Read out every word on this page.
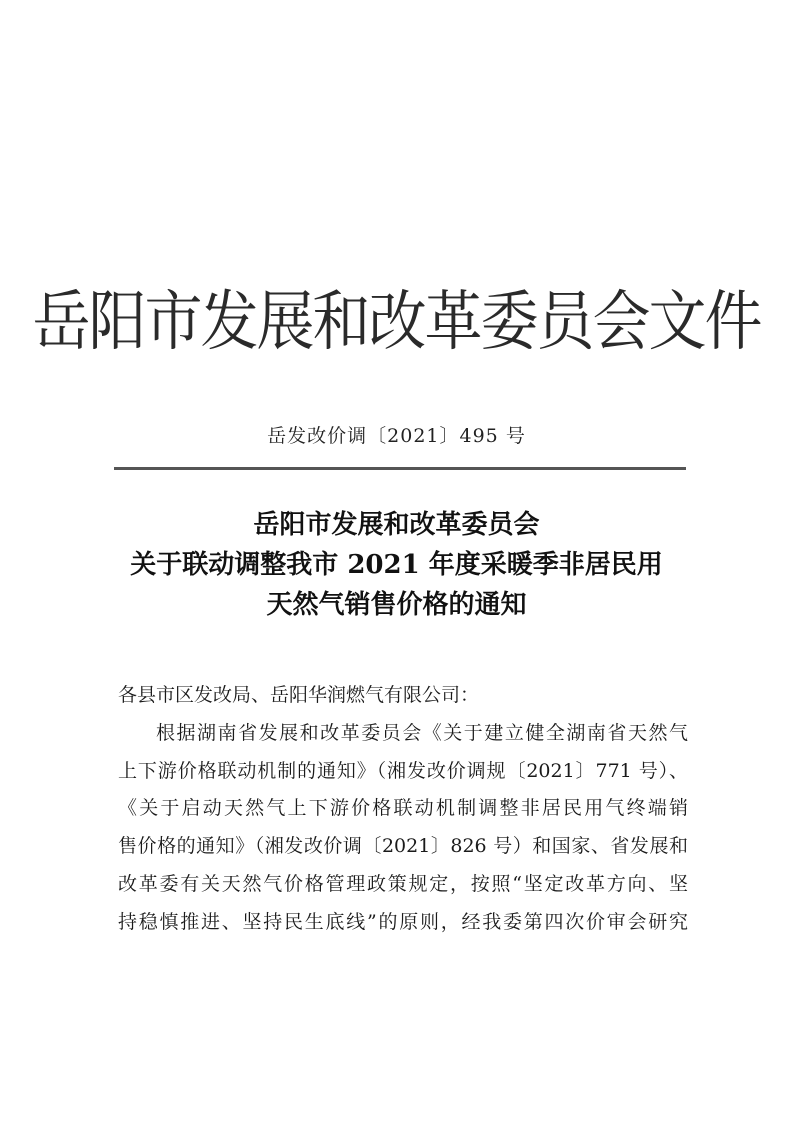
岳阳市发展和改革委员会文件
岳发改价调〔2021〕495 号
岳阳市发展和改革委员会
关于联动调整我市 2021 年度采暖季非居民用
天然气销售价格的通知
各县市区发改局、岳阳华润燃气有限公司：
根据湖南省发展和改革委员会《关于建立健全湖南省天然气
上下游价格联动机制的通知》（湘发改价调规〔2021〕771 号）、
《关于启动天然气上下游价格联动机制调整非居民用气终端销
售价格的通知》（湘发改价调〔2021〕826 号）和国家、省发展和
改革委有关天然气价格管理政策规定，按照“坚定改革方向、坚
持稳慎推进、坚持民生底线”的原则，经我委第四次价审会研究
